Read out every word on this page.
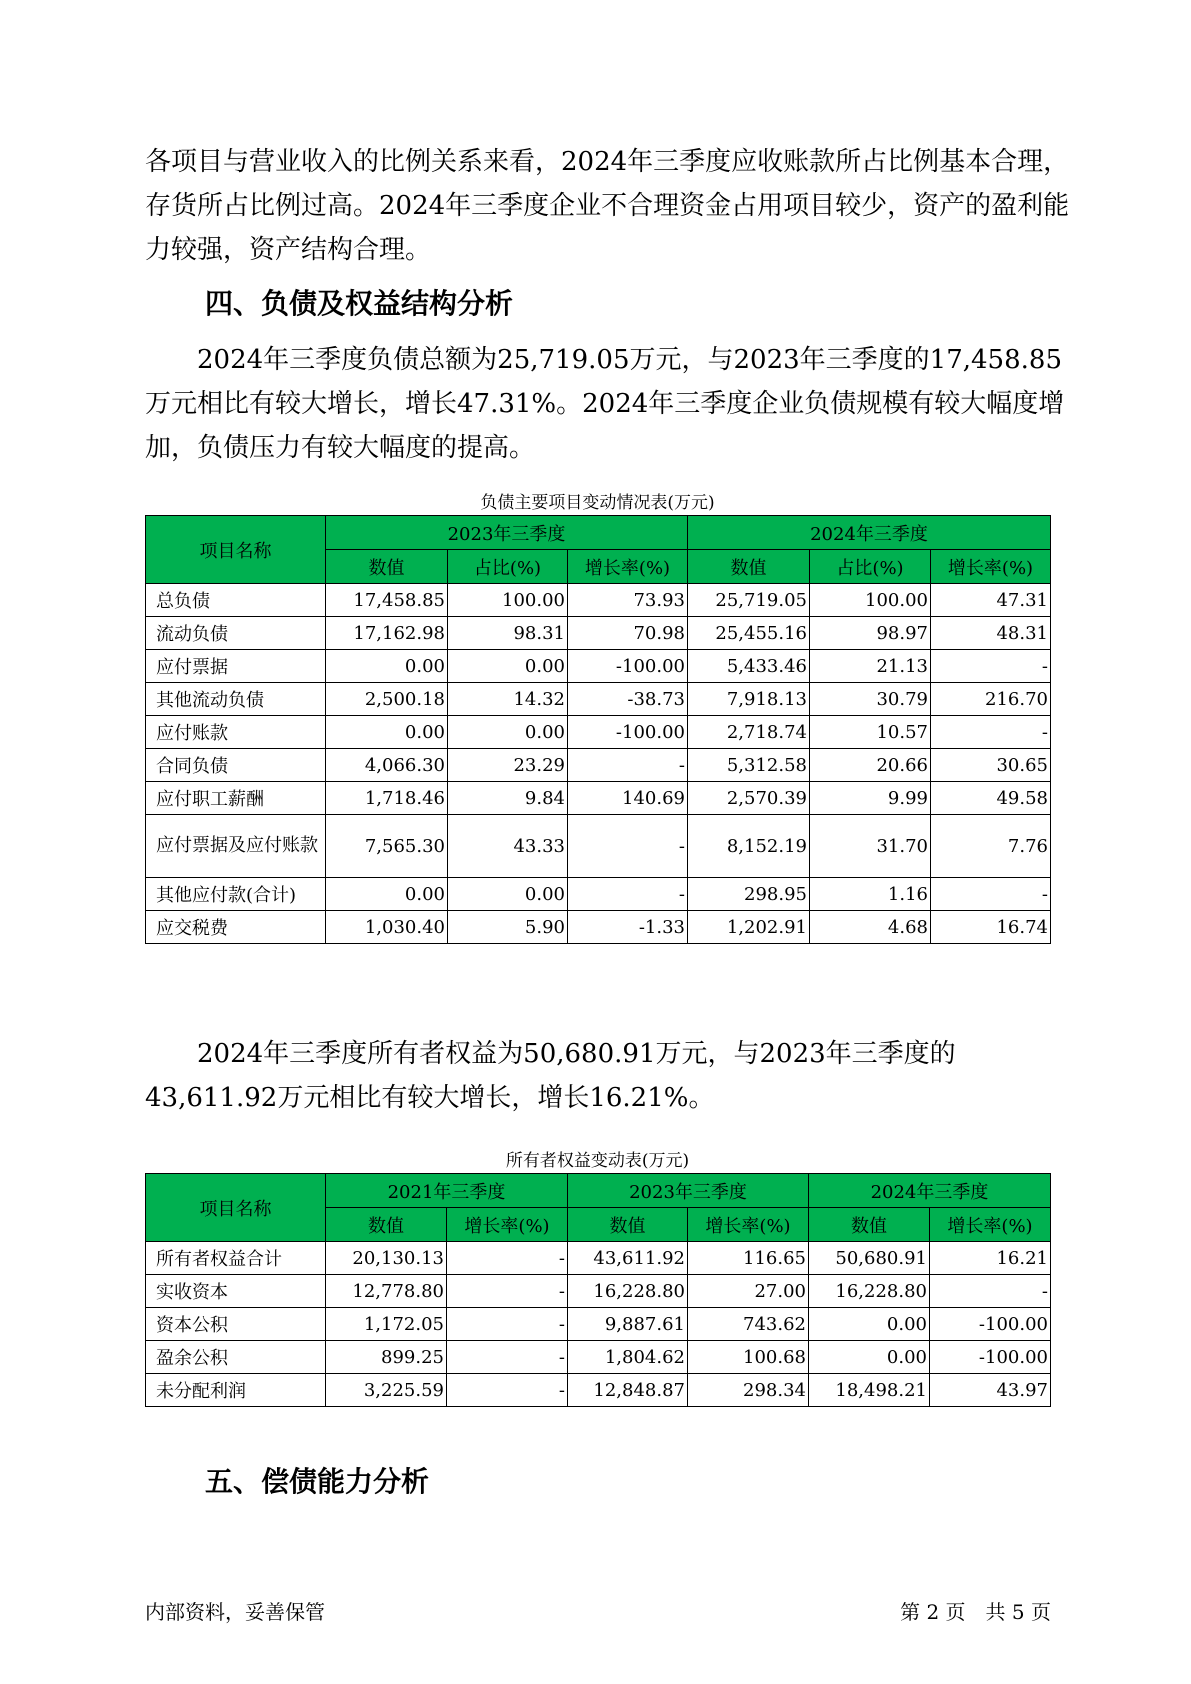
各项目与营业收入的比例关系来看，2024年三季度应收账款所占比例基本合理，存货所占比例过高。2024年三季度企业不合理资金占用项目较少，资产的盈利能力较强，资产结构合理。

四、负债及权益结构分析

2024年三季度负债总额为25,719.05万元，与2023年三季度的17,458.85万元相比有较大增长，增长47.31%。2024年三季度企业负债规模有较大幅度增加，负债压力有较大幅度的提高。

负债主要项目变动情况表(万元)
项目名称	2023年三季度			2024年三季度		
	数值	占比(%)	增长率(%)	数值	占比(%)	增长率(%)
总负债	17,458.85	100.00	73.93	25,719.05	100.00	47.31
流动负债	17,162.98	98.31	70.98	25,455.16	98.97	48.31
应付票据	0.00	0.00	-100.00	5,433.46	21.13	-
其他流动负债	2,500.18	14.32	-38.73	7,918.13	30.79	216.70
应付账款	0.00	0.00	-100.00	2,718.74	10.57	-
合同负债	4,066.30	23.29	-	5,312.58	20.66	30.65
应付职工薪酬	1,718.46	9.84	140.69	2,570.39	9.99	49.58
应付票据及应付账款	7,565.30	43.33	-	8,152.19	31.70	7.76
其他应付款(合计)	0.00	0.00	-	298.95	1.16	-
应交税费	1,030.40	5.90	-1.33	1,202.91	4.68	16.74

2024年三季度所有者权益为50,680.91万元，与2023年三季度的43,611.92万元相比有较大增长，增长16.21%。

所有者权益变动表(万元)
项目名称	2021年三季度		2023年三季度		2024年三季度	
	数值	增长率(%)	数值	增长率(%)	数值	增长率(%)
所有者权益合计	20,130.13	-	43,611.92	116.65	50,680.91	16.21
实收资本	12,778.80	-	16,228.80	27.00	16,228.80	-
资本公积	1,172.05	-	9,887.61	743.62	0.00	-100.00
盈余公积	899.25	-	1,804.62	100.68	0.00	-100.00
未分配利润	3,225.59	-	12,848.87	298.34	18,498.21	43.97
五、偿债能力分析
内部资料，妥善保管	第 2 页　共 5 页
